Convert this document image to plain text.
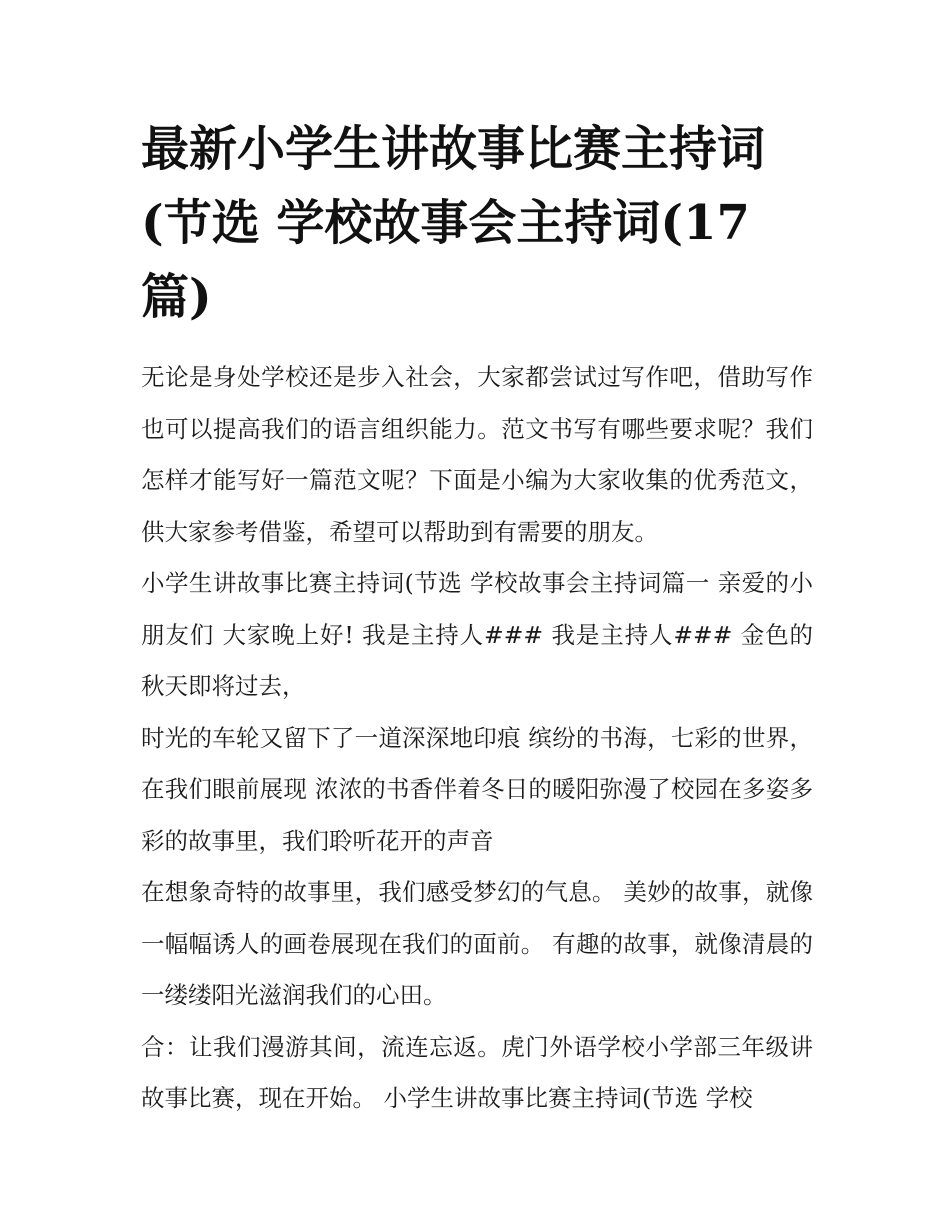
最新小学生讲故事比赛主持词(节选 学校故事会主持词(17篇)

无论是身处学校还是步入社会，大家都尝试过写作吧，借助写作也可以提高我们的语言组织能力。范文书写有哪些要求呢？我们怎样才能写好一篇范文呢？下面是小编为大家收集的优秀范文，供大家参考借鉴，希望可以帮助到有需要的朋友。

小学生讲故事比赛主持词(节选 学校故事会主持词篇一 亲爱的小朋友们 大家晚上好! 我是主持人### 我是主持人### 金色的秋天即将过去，

时光的车轮又留下了一道深深地印痕 缤纷的书海，七彩的世界，在我们眼前展现 浓浓的书香伴着冬日的暖阳弥漫了校园在多姿多彩的故事里，我们聆听花开的声音

在想象奇特的故事里，我们感受梦幻的气息。 美妙的故事，就像一幅幅诱人的画卷展现在我们的面前。 有趣的故事，就像清晨的一缕缕阳光滋润我们的心田。

合：让我们漫游其间，流连忘返。虎门外语学校小学部三年级讲故事比赛，现在开始。 小学生讲故事比赛主持词(节选 学校
